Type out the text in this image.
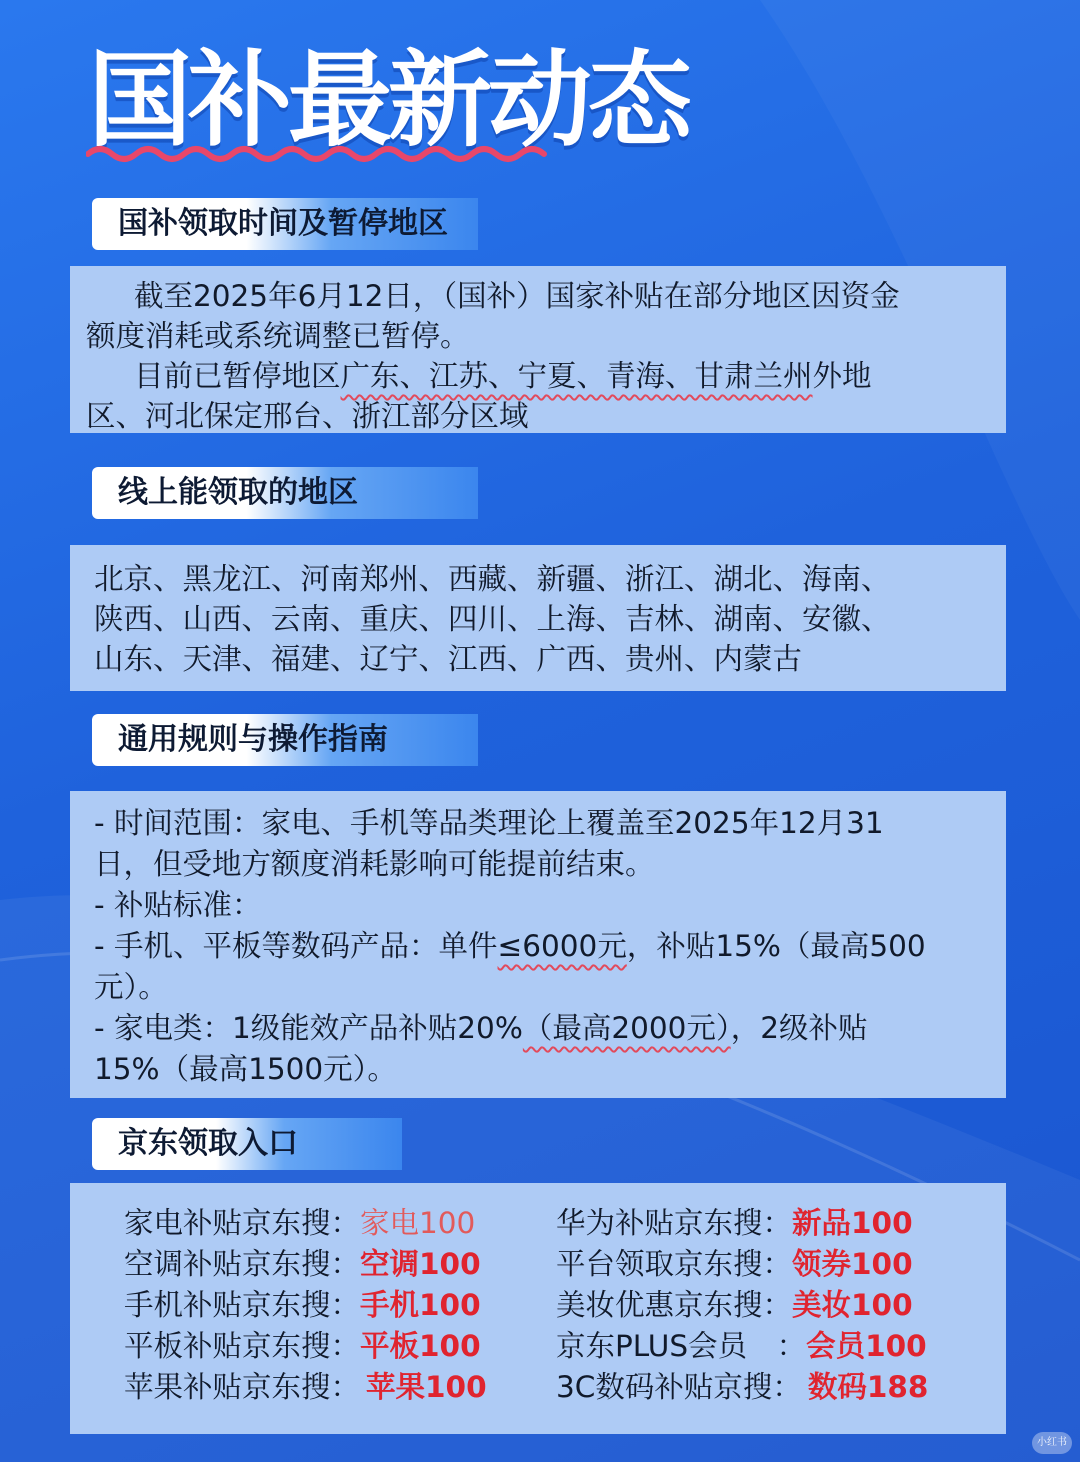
国补最新动态
国补领取时间及暂停地区

截至2025年6月12日，（国补）国家补贴在部分地区因资金

额度消耗或系统调整已暂停。

目前已暂停地区广东、江苏、宁夏、青海、甘肃兰州外地

区、河北保定邢台、浙江部分区域

线上能领取的地区

北京、黑龙江、河南郑州、西藏、新疆、浙江、湖北、海南、

陕西、山西、云南、重庆、四川、上海、吉林、湖南、安徽、

山东、天津、福建、辽宁、江西、广西、贵州、内蒙古

通用规则与操作指南

- 时间范围：家电、手机等品类理论上覆盖至2025年12月31

日，但受地方额度消耗影响可能提前结束。

- 补贴标准：

- 手机、平板等数码产品：单件≤6000元，补贴15%（最高500

元）。

- 家电类：1级能效产品补贴20%（最高2000元），2级补贴

15%（最高1500元）。

京东领取入口
家电补贴京东搜：家电100
空调补贴京东搜：空调100
手机补贴京东搜：手机100
平板补贴京东搜：平板100
苹果补贴京东搜： 苹果100
华为补贴京东搜：新品100
平台领取京东搜：领券100
美妆优惠京东搜：美妆100
京东PLUS会员　：会员100
3C数码补贴京搜： 数码188
小红书
